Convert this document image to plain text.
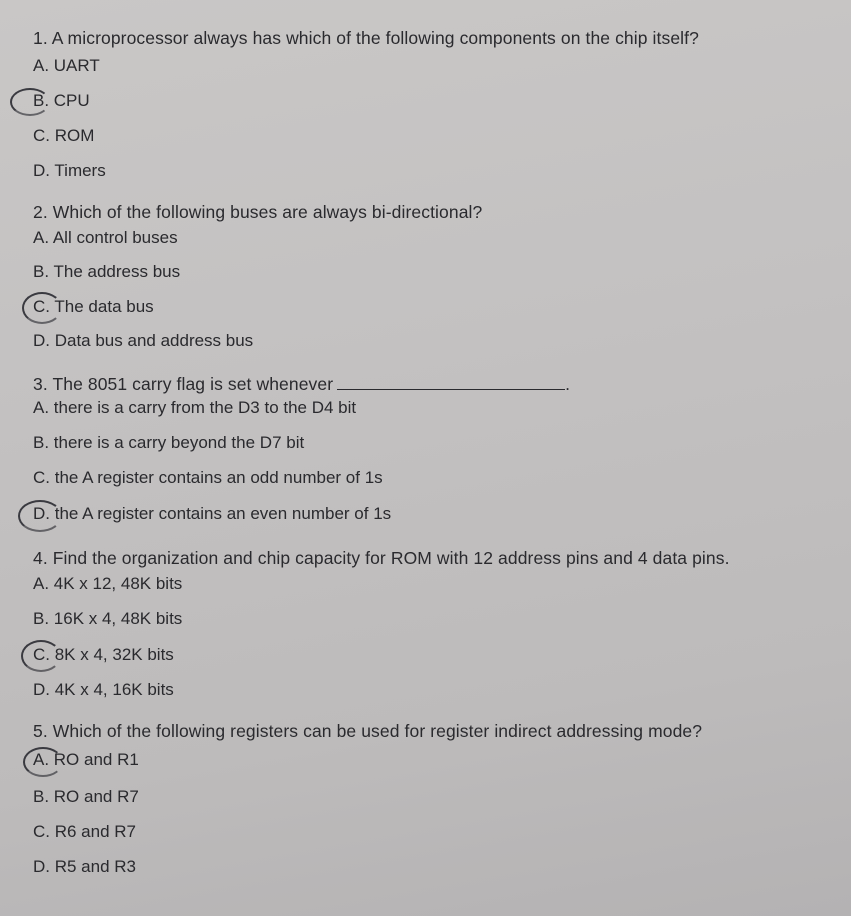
1. A microprocessor always has which of the following components on the chip itself?
A. UART
B. CPU
C. ROM
D. Timers
2. Which of the following buses are always bi-directional?
A. All control buses
B. The address bus
C. The data bus
D. Data bus and address bus
3. The 8051 carry flag is set whenever	.
A. there is a carry from the D3 to the D4 bit
B. there is a carry beyond the D7 bit
C. the A register contains an odd number of 1s
D. the A register contains an even number of 1s
4. Find the organization and chip capacity for ROM with 12 address pins and 4 data pins.
A. 4K x 12, 48K bits
B. 16K x 4, 48K bits
C. 8K x 4, 32K bits
D. 4K x 4, 16K bits
5. Which of the following registers can be used for register indirect addressing mode?
A. RO and R1
B. RO and R7
C. R6 and R7
D. R5 and R3
